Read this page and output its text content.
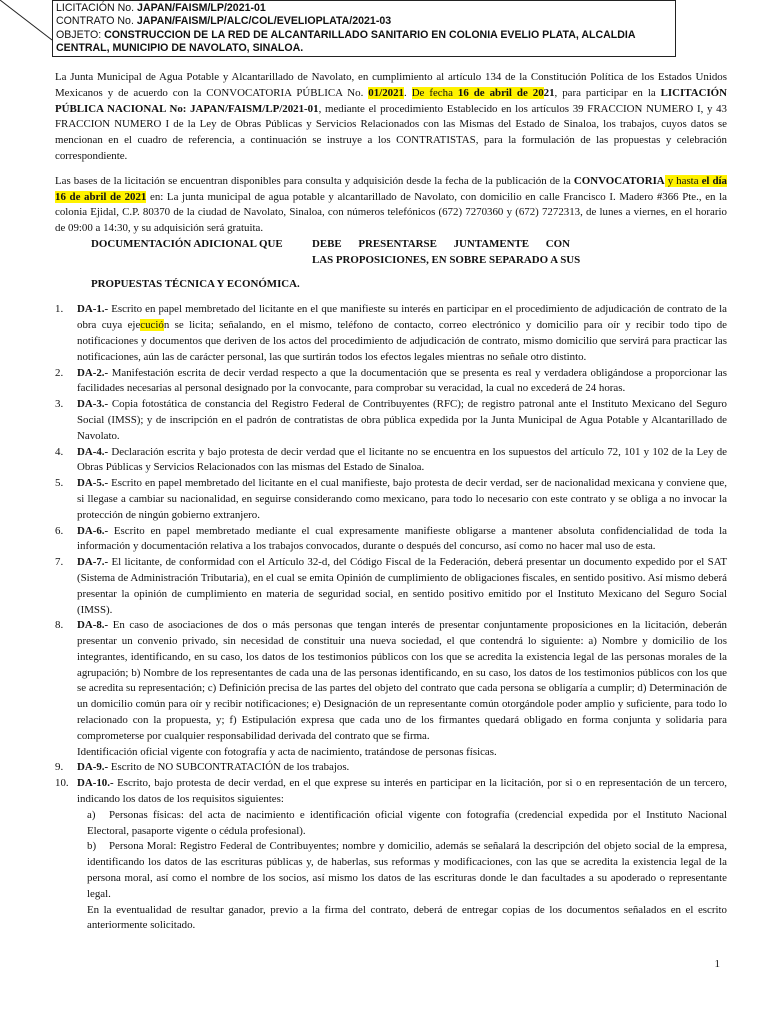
LICITACIÓN No. JAPAN/FAISM/LP/2021-01
CONTRATO No. JAPAN/FAISM/LP/ALC/COL/EVELIOPLATA/2021-03
OBJETO: CONSTRUCCION DE LA RED DE ALCANTARILLADO SANITARIO EN COLONIA EVELIO PLATA, ALCALDIA CENTRAL, MUNICIPIO DE NAVOLATO, SINALOA.

La Junta Municipal de Agua Potable y Alcantarillado de Navolato, en cumplimiento al artículo 134 de la Constitución Política de los Estados Unidos Mexicanos y de acuerdo con la CONVOCATORIA PÚBLICA No. 01/2021. De fecha 16 de abril de 2021, para participar en la LICITACIÓN PÚBLICA NACIONAL No: JAPAN/FAISM/LP/2021-01, mediante el procedimiento Establecido en los artículos 39 FRACCION NUMERO I, y 43 FRACCION NUMERO I de la Ley de Obras Públicas y Servicios Relacionados con las Mismas del Estado de Sinaloa, los trabajos, cuyos datos se mencionan en el cuadro de referencia, a continuación se instruye a los CONTRATISTAS, para la formulación de las propuestas y celebración correspondiente.

Las bases de la licitación se encuentran disponibles para consulta y adquisición desde la fecha de la publicación de la CONVOCATORIA y hasta el día 16 de abril de 2021 en: La junta municipal de agua potable y alcantarillado de Navolato, con domicilio en calle Francisco I. Madero #366 Pte., en la colonia Ejidal, C.P. 80370 de la ciudad de Navolato, Sinaloa, con números telefónicos (672) 7270360 y (672) 7272313, de lunes a viernes, en el horario de 09:00 a 14:30, y su adquisición será gratuita.

DOCUMENTACIÓN ADICIONAL QUE	DEBE PRESENTARSE JUNTAMENTE CON
LAS PROPOSICIONES, EN SOBRE SEPARADO A SUS
PROPUESTAS TÉCNICA Y ECONÓMICA.
1.	DA-1.- Escrito en papel membretado del licitante en el que manifieste su interés en participar en el procedimiento de adjudicación de contrato de la obra cuya ejecución se licita; señalando, en el mismo, teléfono de contacto, correo electrónico y domicilio para oír y recibir todo tipo de notificaciones y documentos que deriven de los actos del procedimiento de adjudicación de contrato, mismo domicilio que servirá para practicar las notificaciones, aún las de carácter personal, las que surtirán todos los efectos legales mientras no señale otro distinto.
2.	DA-2.- Manifestación escrita de decir verdad respecto a que la documentación que se presenta es real y verdadera obligándose a proporcionar las facilidades necesarias al personal designado por la convocante, para comprobar su veracidad, la cual no excederá de 24 horas.
3.	DA-3.- Copia fotostática de constancia del Registro Federal de Contribuyentes (RFC); de registro patronal ante el Instituto Mexicano del Seguro Social (IMSS); y de inscripción en el padrón de contratistas de obra pública expedida por la Junta Municipal de Agua Potable y Alcantarillado de Navolato.
4.	DA-4.- Declaración escrita y bajo protesta de decir verdad que el licitante no se encuentra en los supuestos del artículo 72, 101 y 102 de la Ley de Obras Públicas y Servicios Relacionados con las mismas del Estado de Sinaloa.
5.	DA-5.- Escrito en papel membretado del licitante en el cual manifieste, bajo protesta de decir verdad, ser de nacionalidad mexicana y conviene que, si llegase a cambiar su nacionalidad, en seguirse considerando como mexicano, para todo lo necesario con este contrato y se obliga a no invocar la protección de ningún gobierno extranjero.
6.	DA-6.- Escrito en papel membretado mediante el cual expresamente manifieste obligarse a mantener absoluta confidencialidad de toda la información y documentación relativa a los trabajos convocados, durante o después del concurso, así como no hacer mal uso de esta.
7.	DA-7.- El licitante, de conformidad con el Artículo 32-d, del Código Fiscal de la Federación, deberá presentar un documento expedido por el SAT (Sistema de Administración Tributaria), en el cual se emita Opinión de cumplimiento de obligaciones fiscales, en sentido positivo. Así mismo deberá presentar la opinión de cumplimiento en materia de seguridad social, en sentido positivo emitido por el Instituto Mexicano del Seguro Social (IMSS).
8.	DA-8.- En caso de asociaciones de dos o más personas que tengan interés de presentar conjuntamente proposiciones en la licitación, deberán presentar un convenio privado, sin necesidad de constituir una nueva sociedad, el que contendrá lo siguiente: a) Nombre y domicilio de los integrantes, identificando, en su caso, los datos de los testimonios públicos con los que se acredita la existencia legal de las personas morales de la agrupación; b) Nombre de los representantes de cada una de las personas identificando, en su caso, los datos de los testimonios públicos con los que se acredita su representación; c) Definición precisa de las partes del objeto del contrato que cada persona se obligaría a cumplir; d) Determinación de un domicilio común para oír y recibir notificaciones; e) Designación de un representante común otorgándole poder amplio y suficiente, para todo lo relacionado con la propuesta, y; f) Estipulación expresa que cada uno de los firmantes quedará obligado en forma conjunta y solidaria para comprometerse por cualquier responsabilidad derivada del contrato que se firma.
Identificación oficial vigente con fotografía y acta de nacimiento, tratándose de personas físicas.
9.	DA-9.- Escrito de NO SUBCONTRATACIÓN de los trabajos.
10. DA-10.- Escrito, bajo protesta de decir verdad, en el que exprese su interés en participar en la licitación, por si o en representación de un tercero, indicando los datos de los requisitos siguientes:
a) Personas físicas: del acta de nacimiento e identificación oficial vigente con fotografía (credencial expedida por el Instituto Nacional Electoral, pasaporte vigente o cédula profesional).
b) Persona Moral: Registro Federal de Contribuyentes; nombre y domicilio, además se señalará la descripción del objeto social de la empresa, identificando los datos de las escrituras públicas y, de haberlas, sus reformas y modificaciones, con las que se acredita la existencia legal de la persona moral, así como el nombre de los socios, así mismo los datos de las escrituras donde le dan facultades a su apoderado o representante legal.
En la eventualidad de resultar ganador, previo a la firma del contrato, deberá de entregar copias de los documentos señalados en el escrito anteriormente solicitado.
1
